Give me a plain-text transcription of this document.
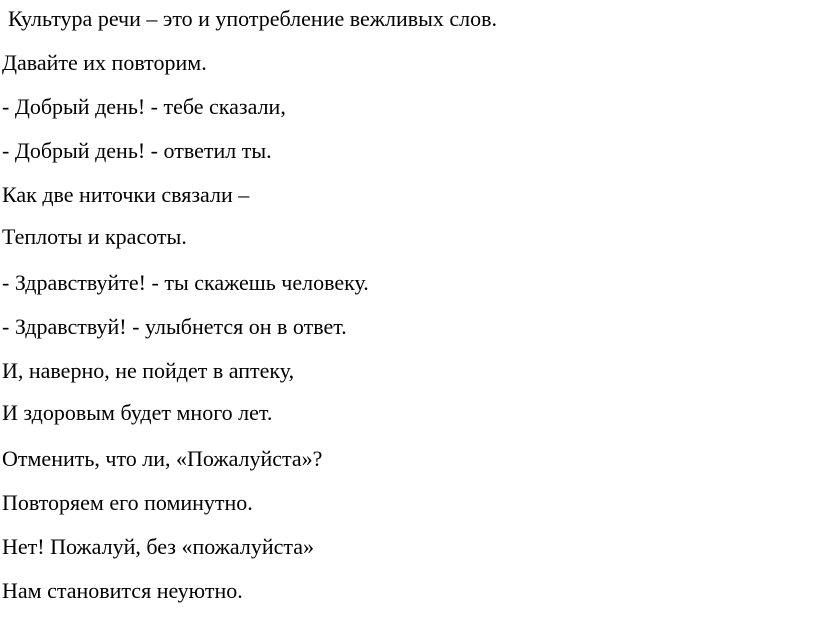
Культура речи – это и употребление вежливых слов.

Давайте их повторим.

- Добрый день! - тебе сказали,

- Добрый день! - ответил ты.

Как две ниточки связали –

Теплоты и красоты.

- Здравствуйте! - ты скажешь человеку.

- Здравствуй! - улыбнется он в ответ.

И, наверно, не пойдет в аптеку,

И здоровым будет много лет.

Отменить, что ли, «Пожалуйста»?

Повторяем его поминутно.

Нет! Пожалуй, без «пожалуйста»

Нам становится неуютно.
